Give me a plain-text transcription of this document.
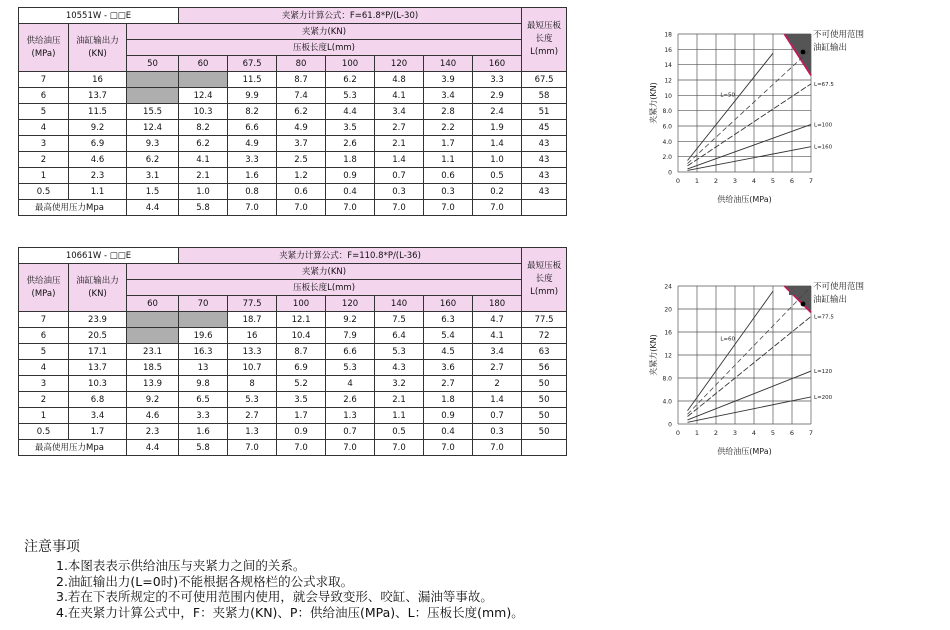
10551W - □□E			夹紧力计算公式：F=61.8*P/(L-30)							最短压板长度L(mm)
供给油压(MPa)	油缸输出力(KN)	夹紧力(KN)								
		压板长度L(mm)								
		50	60	67.5	80	100	120	140	160	
7	16			11.5	8.7	6.2	4.8	3.9	3.3	67.5
6	13.7		12.4	9.9	7.4	5.3	4.1	3.4	2.9	58
5	11.5	15.5	10.3	8.2	6.2	4.4	3.4	2.8	2.4	51
4	9.2	12.4	8.2	6.6	4.9	3.5	2.7	2.2	1.9	45
3	6.9	9.3	6.2	4.9	3.7	2.6	2.1	1.7	1.4	43
2	4.6	6.2	4.1	3.3	2.5	1.8	1.4	1.1	1.0	43
1	2.3	3.1	2.1	1.6	1.2	0.9	0.7	0.6	0.5	43
0.5	1.1	1.5	1.0	0.8	0.6	0.4	0.3	0.3	0.2	43
最高使用压力Mpa		4.4	5.8	7.0	7.0	7.0	7.0	7.0	7.0	
10661W - □□E			夹紧力计算公式：F=110.8*P/(L-36)							最短压板长度L(mm)
供给油压(MPa)	油缸输出力(KN)	夹紧力(KN)								
		压板长度L(mm)								
		60	70	77.5	100	120	140	160	180	
7	23.9			18.7	12.1	9.2	7.5	6.3	4.7	77.5
6	20.5		19.6	16	10.4	7.9	6.4	5.4	4.1	72
5	17.1	23.1	16.3	13.3	8.7	6.6	5.3	4.5	3.4	63
4	13.7	18.5	13	10.7	6.9	5.3	4.3	3.6	2.7	56
3	10.3	13.9	9.8	8	5.2	4	3.2	2.7	2	50
2	6.8	9.2	6.5	5.3	3.5	2.6	2.1	1.8	1.4	50
1	3.4	4.6	3.3	2.7	1.7	1.3	1.1	0.9	0.7	50
0.5	1.7	2.3	1.6	1.3	0.9	0.7	0.5	0.4	0.3	50
最高使用压力Mpa		4.4	5.8	7.0	7.0	7.0	7.0	7.0	7.0	
0 1 2 3 4 5 6 7
0
2.0
4.0
6.0
8.0
10
12
14
16
18
L=50
L=67.5
L=100
L=160
不可使用范围
油缸输出
供给油压(MPa)
夹紧力(KN)
0 1 2 3 4 5 6 7
0
4.0
8.0
12
16
20
24
L=60
L=77.5
L=120
L=200
不可使用范围
油缸输出
供给油压(MPa)
夹紧力(KN)
注意事项
1.本图表表示供给油压与夹紧力之间的关系。
2.油缸输出力(L=0时)不能根据各规格栏的公式求取。
3.若在下表所规定的不可使用范围内使用，就会导致变形、咬缸、漏油等事故。
4.在夹紧力计算公式中，F：夹紧力(KN)、P：供给油压(MPa)、L：压板长度(mm)。
